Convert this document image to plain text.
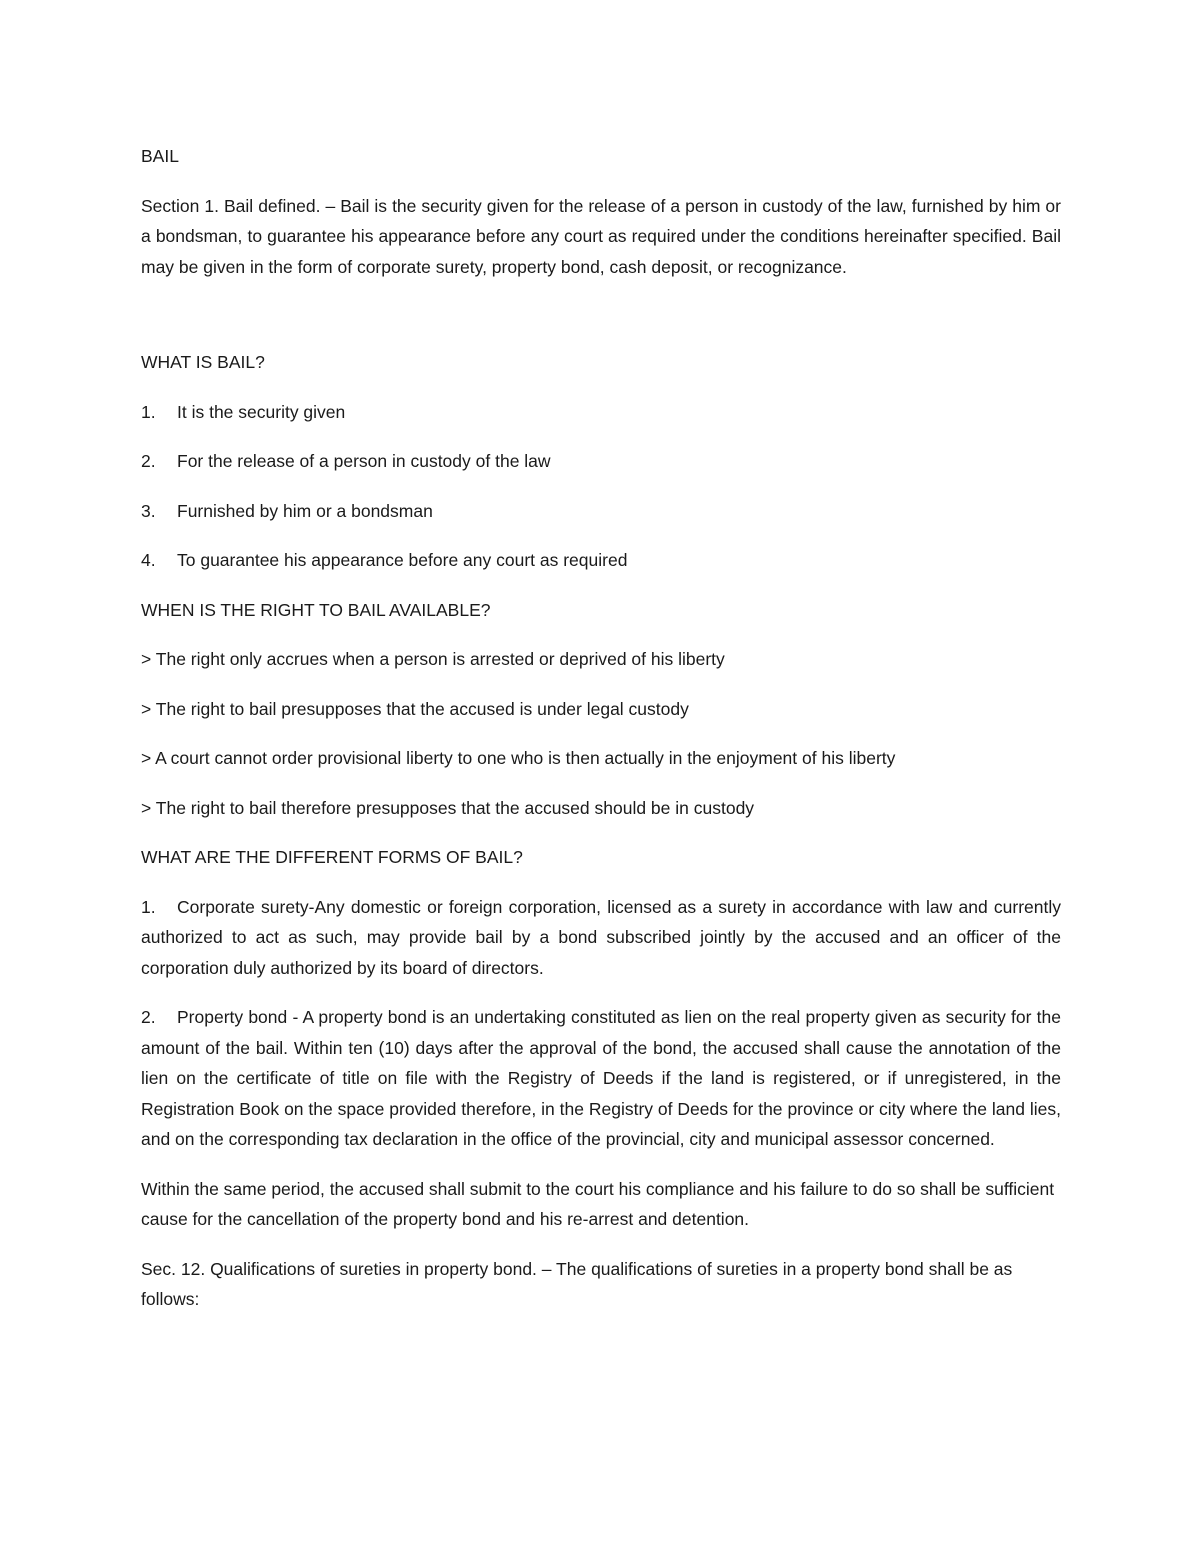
BAIL

Section 1. Bail defined. – Bail is the security given for the release of a person in custody of the law, furnished by him or a bondsman, to guarantee his appearance before any court as required under the conditions hereinafter specified. Bail may be given in the form of corporate surety, property bond, cash deposit, or recognizance.

WHAT IS BAIL?

1.	It is the security given
2.	For the release of a person in custody of the law
3.	Furnished by him or a bondsman
4.	To guarantee his appearance before any court as required

WHEN IS THE RIGHT TO BAIL AVAILABLE?

> The right only accrues when a person is arrested or deprived of his liberty

> The right to bail presupposes that the accused is under legal custody

> A court cannot order provisional liberty to one who is then actually in the enjoyment of his liberty

> The right to bail therefore presupposes that the accused should be in custody

WHAT ARE THE DIFFERENT FORMS OF BAIL?

1. Corporate surety-Any domestic or foreign corporation, licensed as a surety in accordance with law and currently authorized to act as such, may provide bail by a bond subscribed jointly by the accused and an officer of the corporation duly authorized by its board of directors.

2. Property bond - A property bond is an undertaking constituted as lien on the real property given as security for the amount of the bail. Within ten (10) days after the approval of the bond, the accused shall cause the annotation of the lien on the certificate of title on file with the Registry of Deeds if the land is registered, or if unregistered, in the Registration Book on the space provided therefore, in the Registry of Deeds for the province or city where the land lies, and on the corresponding tax declaration in the office of the provincial, city and municipal assessor concerned.

Within the same period, the accused shall submit to the court his compliance and his failure to do so shall be sufficient cause for the cancellation of the property bond and his re-arrest and detention.

Sec. 12. Qualifications of sureties in property bond. – The qualifications of sureties in a property bond shall be as follows:
